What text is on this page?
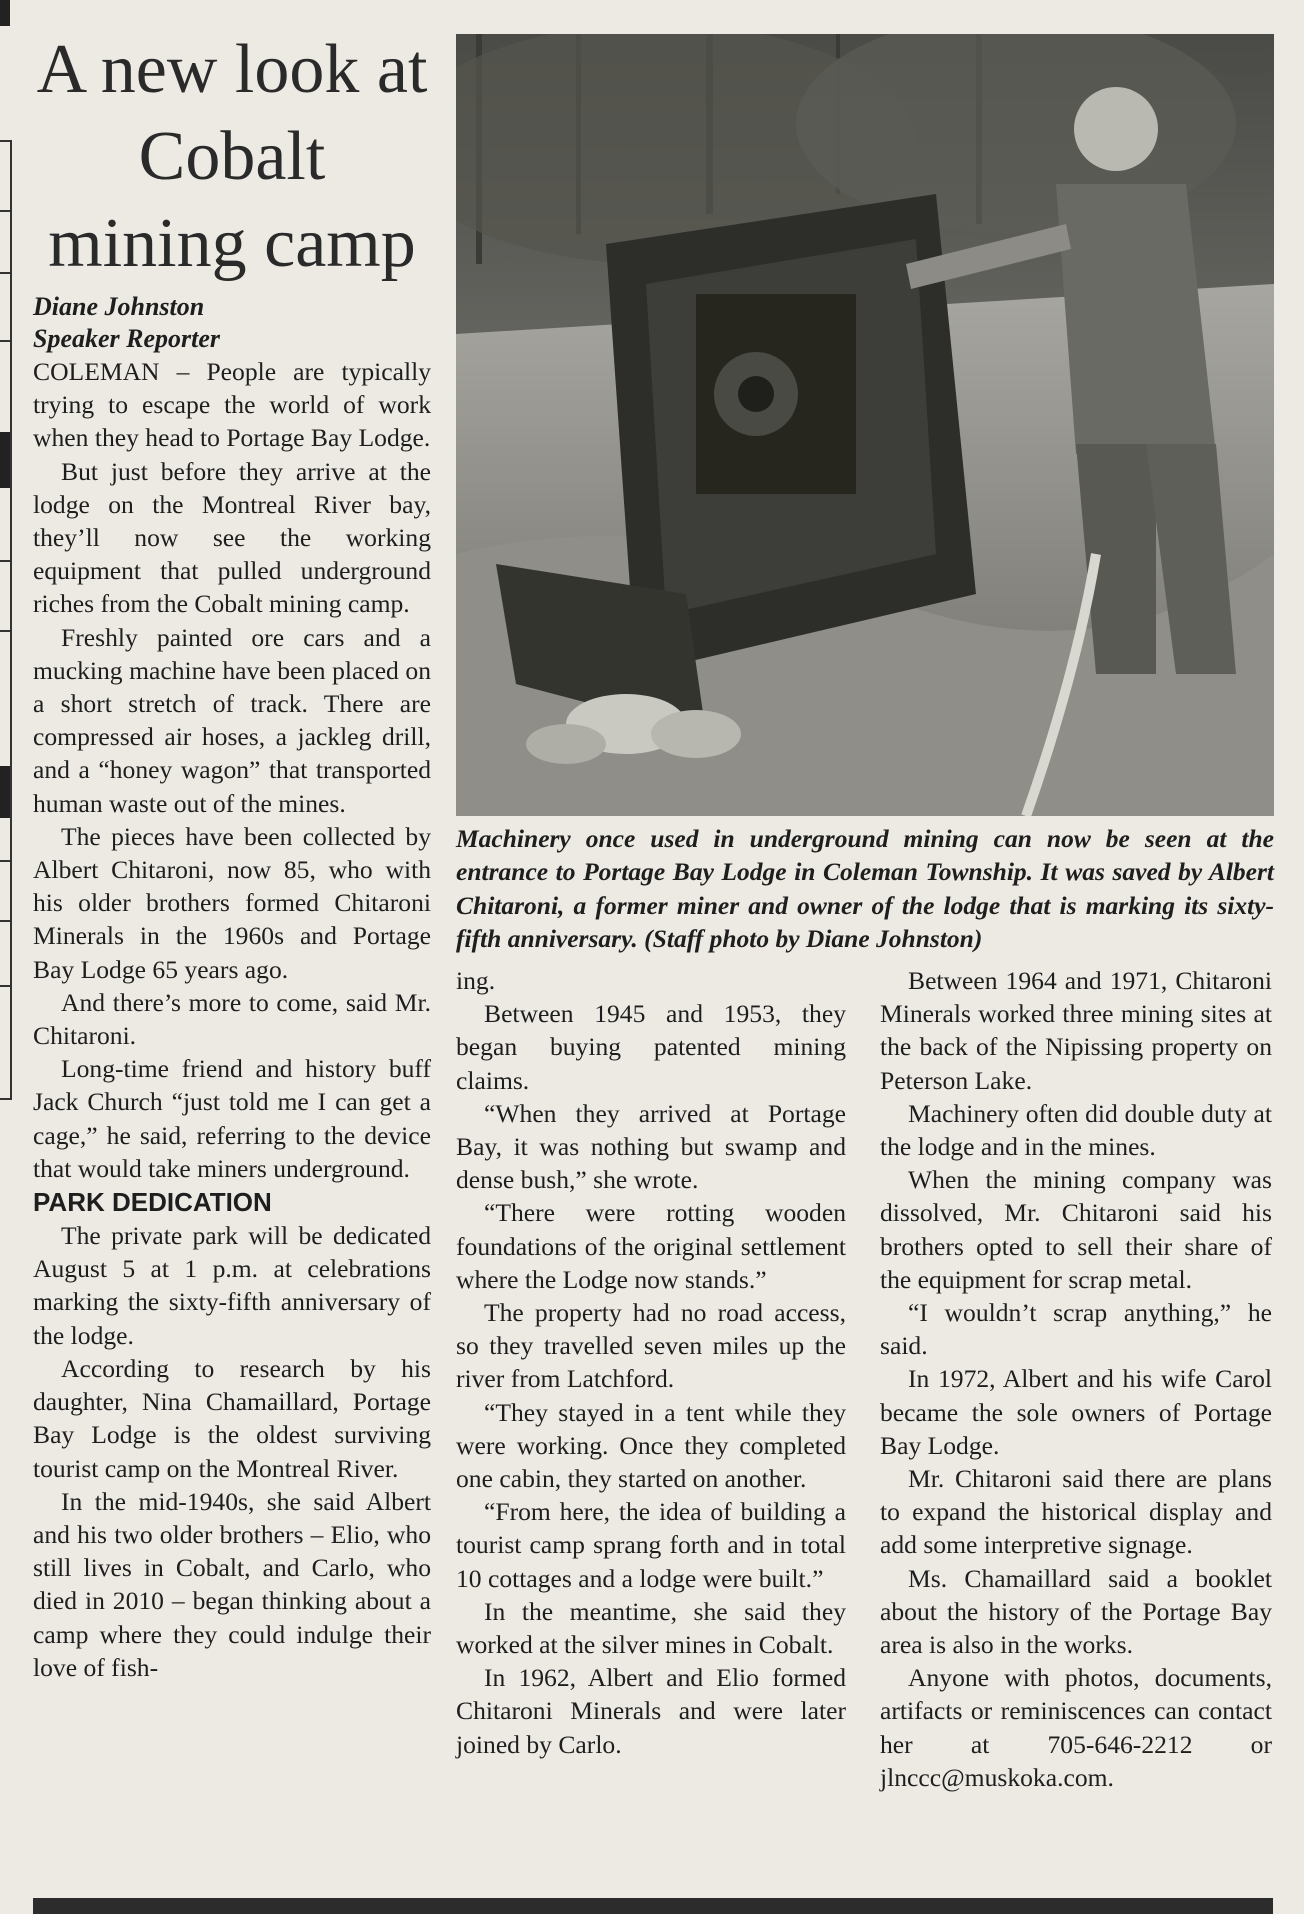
A new look at Cobalt mining camp

Diane Johnston

Speaker Reporter

COLEMAN – People are typically trying to escape the world of work when they head to Portage Bay Lodge.

But just before they arrive at the lodge on the Montreal River bay, they’ll now see the working equipment that pulled underground riches from the Cobalt mining camp.

Freshly painted ore cars and a mucking machine have been placed on a short stretch of track. There are compressed air hoses, a jackleg drill, and a “honey wagon” that transported human waste out of the mines.

The pieces have been collected by Albert Chitaroni, now 85, who with his older brothers formed Chitaroni Minerals in the 1960s and Portage Bay Lodge 65 years ago.

And there’s more to come, said Mr. Chitaroni.

Long-time friend and history buff Jack Church “just told me I can get a cage,” he said, referring to the device that would take miners underground.

PARK DEDICATION

The private park will be dedicated August 5 at 1 p.m. at celebrations marking the sixty-fifth anniversary of the lodge.

According to research by his daughter, Nina Chamaillard, Portage Bay Lodge is the oldest surviving tourist camp on the Montreal River.

In the mid-1940s, she said Albert and his two older brothers – Elio, who still lives in Cobalt, and Carlo, who died in 2010 – began thinking about a camp where they could indulge their love of fish-

Machinery once used in underground mining can now be seen at the entrance to Portage Bay Lodge in Coleman Township. It was saved by Albert Chitaroni, a former miner and owner of the lodge that is marking its sixty-fifth anniversary. (Staff photo by Diane Johnston)

ing.

Between 1945 and 1953, they began buying patented mining claims.

“When they arrived at Portage Bay, it was nothing but swamp and dense bush,” she wrote.

“There were rotting wooden foundations of the original settlement where the Lodge now stands.”

The property had no road access, so they travelled seven miles up the river from Latchford.

“They stayed in a tent while they were working. Once they completed one cabin, they started on another.

“From here, the idea of building a tourist camp sprang forth and in total 10 cottages and a lodge were built.”

In the meantime, she said they worked at the silver mines in Cobalt.

In 1962, Albert and Elio formed Chitaroni Minerals and were later joined by Carlo.

Between 1964 and 1971, Chitaroni Minerals worked three mining sites at the back of the Nipissing property on Peterson Lake.

Machinery often did double duty at the lodge and in the mines.

When the mining company was dissolved, Mr. Chitaroni said his brothers opted to sell their share of the equipment for scrap metal.

“I wouldn’t scrap anything,” he said.

In 1972, Albert and his wife Carol became the sole owners of Portage Bay Lodge.

Mr. Chitaroni said there are plans to expand the historical display and add some interpretive signage.

Ms. Chamaillard said a booklet about the history of the Portage Bay area is also in the works.

Anyone with photos, documents, artifacts or reminiscences can contact her at 705-646-2212 or jlnccc@muskoka.com.
